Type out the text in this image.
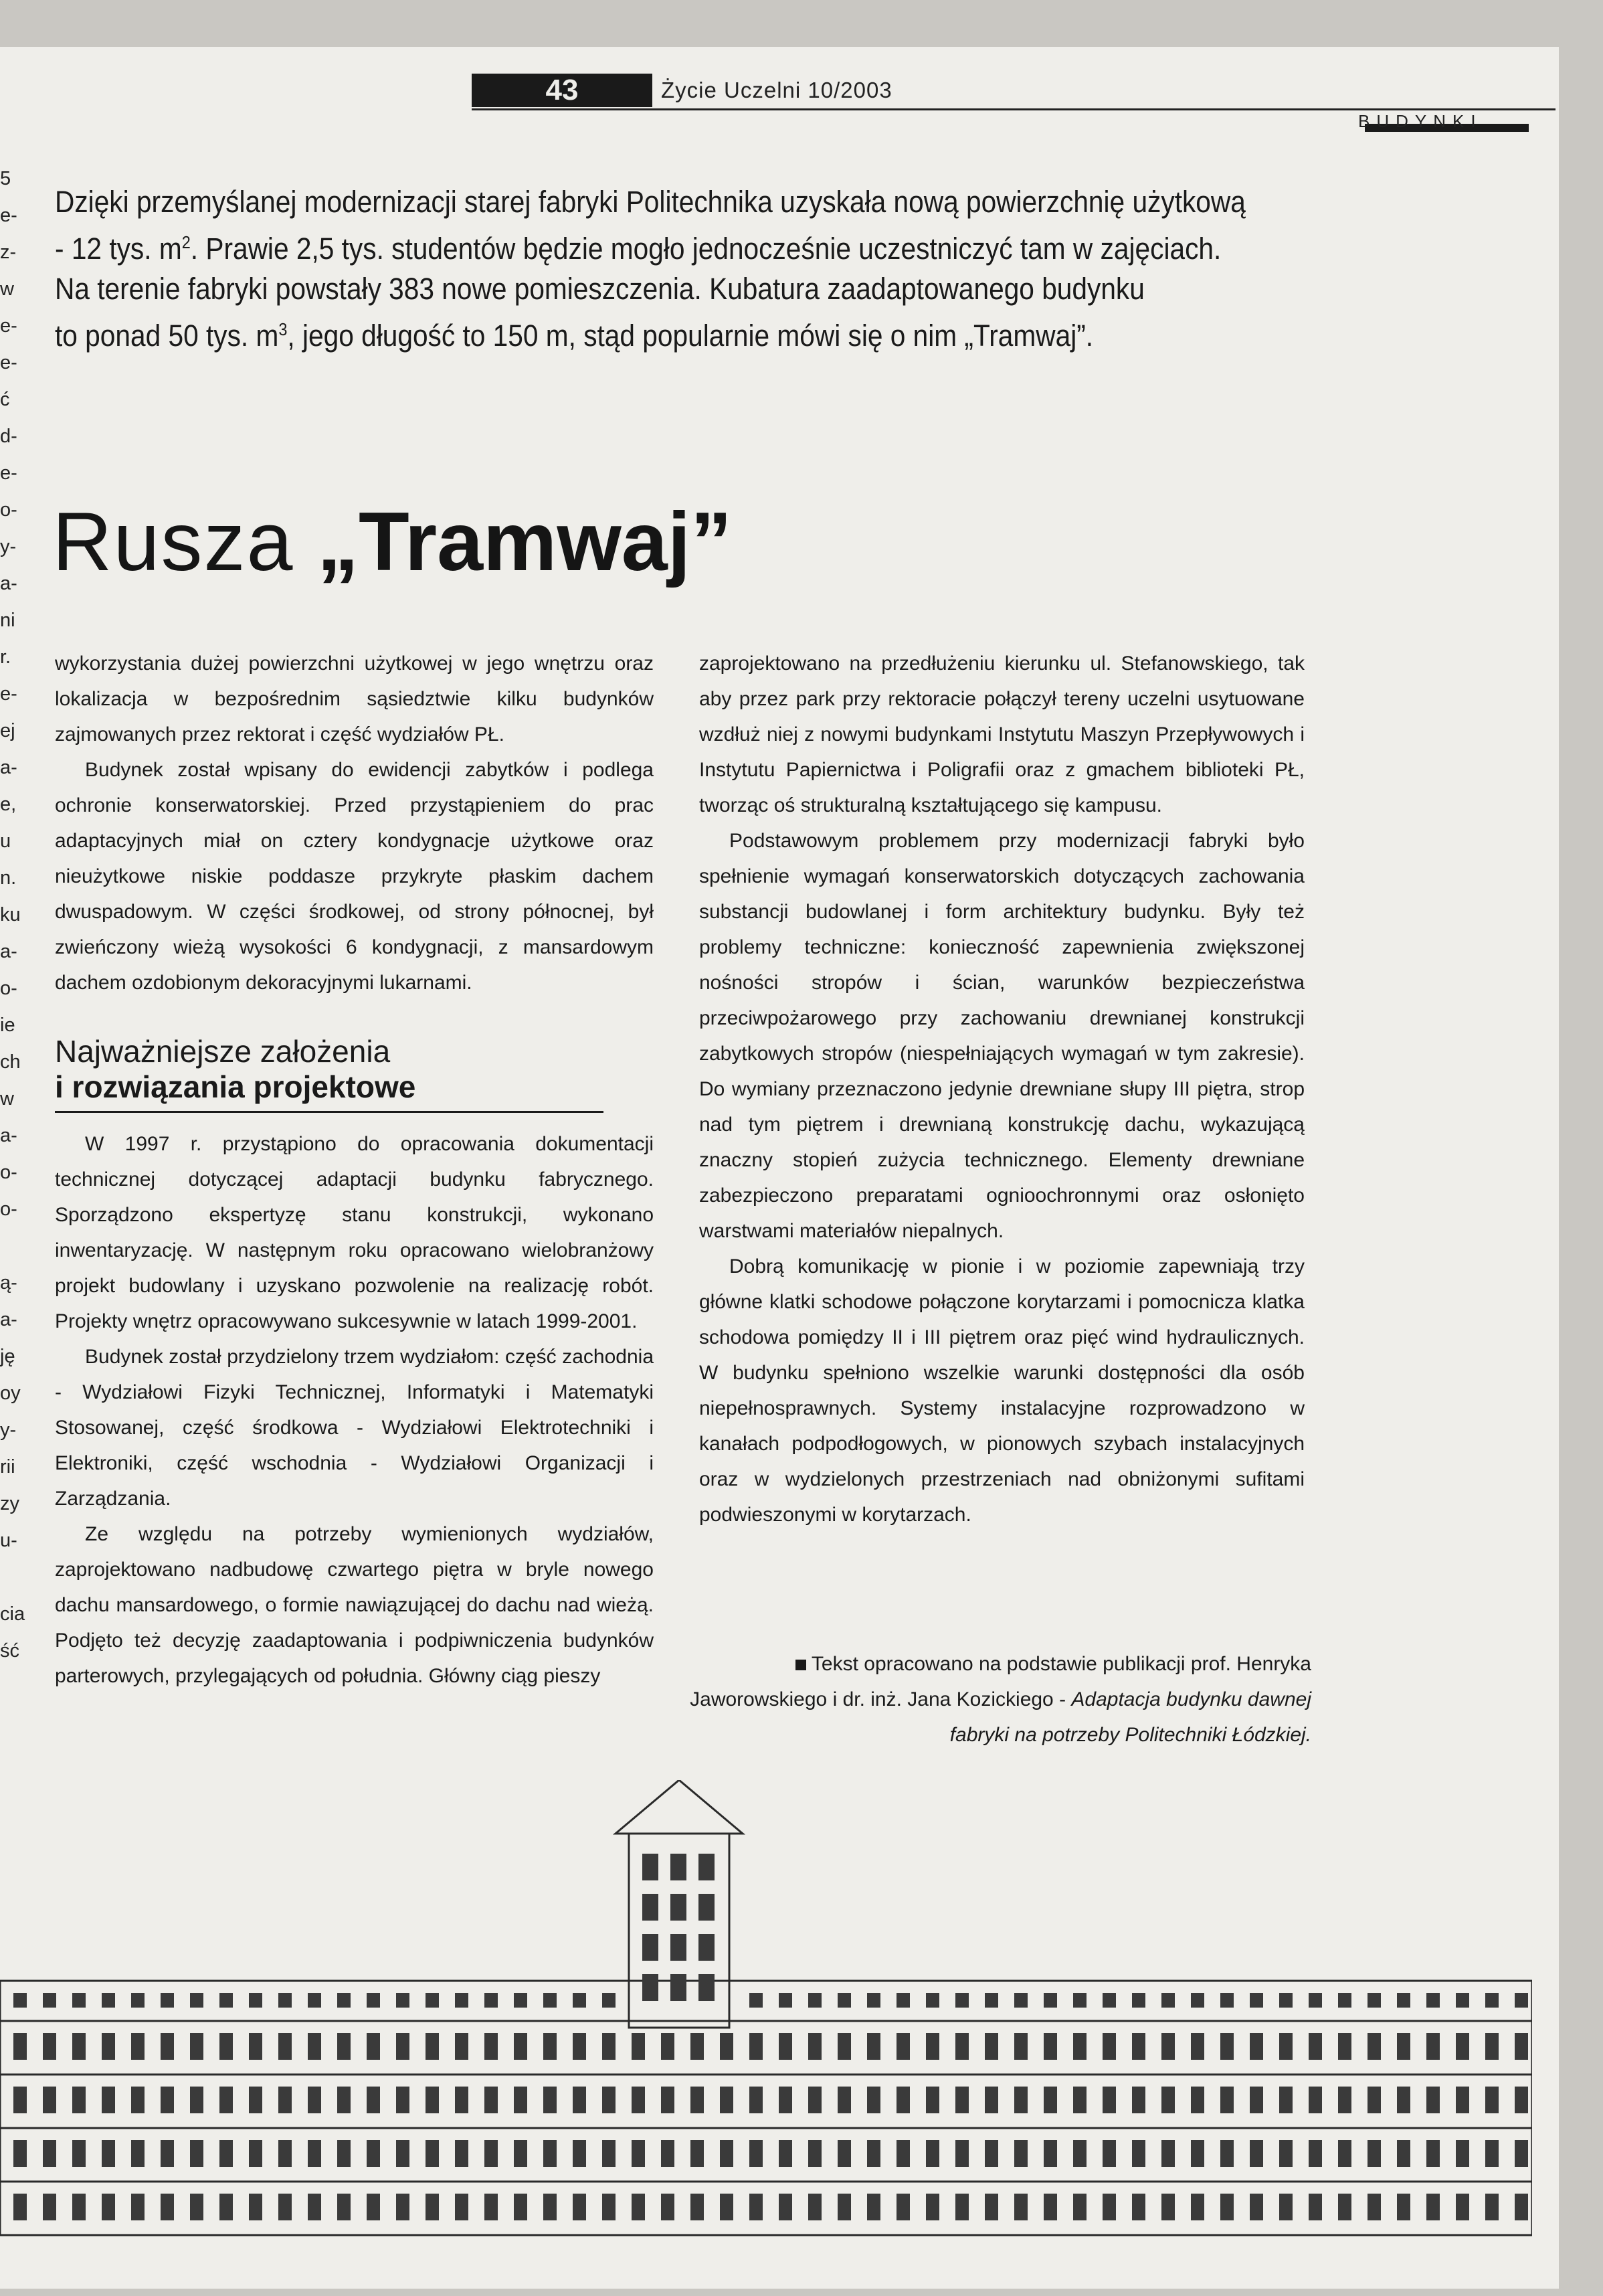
5
e-
z-
w
e-
e-
ć
d-
e-
o-
y-
a-
ni
r.
e-
ej
a-
e,
u
n.
ku
a-
o-
ie
ch
w
a-
o-
o-
ą-
a-
ję
oy
y-
rii
zy
u-
cia
ść
43	Życie Uczelni 10/2003
BUDYNKI

Dzięki przemyślanej modernizacji starej fabryki Politechnika uzyskała nową powierzchnię użytkową

- 12 tys. $m^2$. Prawie 2,5 tys. studentów będzie mogło jednocześnie uczestniczyć tam w zajęciach.

Na terenie fabryki powstały 383 nowe pomieszczenia. Kubatura zaadaptowanego budynku

to ponad 50 tys. $m^3$, jego długość to 150 m, stąd popularnie mówi się o nim „Tramwaj”.

Rusza „Tramwaj”

wykorzystania dużej powierzchni użytkowej w jego wnętrzu oraz lokalizacja w bezpośrednim sąsiedztwie kilku budynków zajmowanych przez rektorat i część wydziałów PŁ.

Budynek został wpisany do ewidencji zabytków i podlega ochronie konserwatorskiej. Przed przystąpieniem do prac adaptacyjnych miał on cztery kondygnacje użytkowe oraz nieużytkowe niskie poddasze przykryte płaskim dachem dwuspadowym. W części środkowej, od strony północnej, był zwieńczony wieżą wysokości 6 kondygnacji, z mansardowym dachem ozdobionym dekoracyjnymi lukarnami.

Najważniejsze założenia
i rozwiązania projektowe

W 1997 r. przystąpiono do opracowania dokumentacji technicznej dotyczącej adaptacji budynku fabrycznego. Sporządzono ekspertyzę stanu konstrukcji, wykonano inwentaryzację. W następnym roku opracowano wielobranżowy projekt budowlany i uzyskano pozwolenie na realizację robót. Projekty wnętrz opracowywano sukcesywnie w latach 1999-2001.

Budynek został przydzielony trzem wydziałom: część zachodnia - Wydziałowi Fizyki Technicznej, Informatyki i Matematyki Stosowanej, część środkowa - Wydziałowi Elektrotechniki i Elektroniki, część wschodnia - Wydziałowi Organizacji i Zarządzania.

Ze względu na potrzeby wymienionych wydziałów, zaprojektowano nadbudowę czwartego piętra w bryle nowego dachu mansardowego, o formie nawiązującej do dachu nad wieżą. Podjęto też decyzję zaadaptowania i podpiwniczenia budynków parterowych, przylegających od południa. Główny ciąg pieszy

zaprojektowano na przedłużeniu kierunku ul. Stefanowskiego, tak aby przez park przy rektoracie połączył tereny uczelni usytuowane wzdłuż niej z nowymi budynkami Instytutu Maszyn Przepływowych i Instytutu Papiernictwa i Poligrafii oraz z gmachem biblioteki PŁ, tworząc oś strukturalną kształtującego się kampusu.

Podstawowym problemem przy modernizacji fabryki było spełnienie wymagań konserwatorskich dotyczących zachowania substancji budowlanej i form architektury budynku. Były też problemy techniczne: konieczność zapewnienia zwiększonej nośności stropów i ścian, warunków bezpieczeństwa przeciwpożarowego przy zachowaniu drewnianej konstrukcji zabytkowych stropów (niespełniających wymagań w tym zakresie). Do wymiany przeznaczono jedynie drewniane słupy III piętra, strop nad tym piętrem i drewnianą konstrukcję dachu, wykazującą znaczny stopień zużycia technicznego. Elementy drewniane zabezpieczono preparatami ognioochronnymi oraz osłonięto warstwami materiałów niepalnych.

Dobrą komunikację w pionie i w poziomie zapewniają trzy główne klatki schodowe połączone korytarzami i pomocnicza klatka schodowa pomiędzy II i III piętrem oraz pięć wind hydraulicznych. W budynku spełniono wszelkie warunki dostępności dla osób niepełnosprawnych. Systemy instalacyjne rozprowadzono w kanałach podpodłogowych, w pionowych szybach instalacyjnych oraz w wydzielonych przestrzeniach nad obniżonymi sufitami podwieszonymi w korytarzach.

Tekst opracowano na podstawie publikacji prof. Henryka Jaworowskiego i dr. inż. Jana Kozickiego - Adaptacja budynku dawnej fabryki na potrzeby Politechniki Łódzkiej.
